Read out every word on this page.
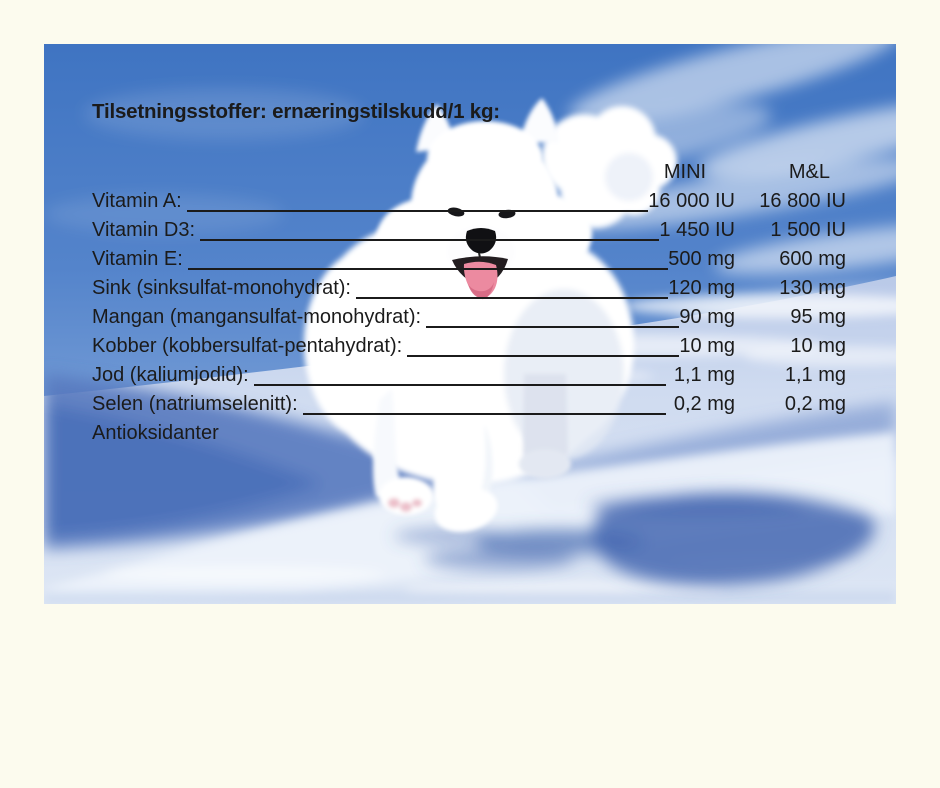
Tilsetningsstoffer: ernæringstilskudd/1 kg:
MINI	M&L
Vitamin A:	16 000 IU	16 800 IU
Vitamin D3:	1 450 IU	1 500 IU
Vitamin E:	500 mg	600 mg
Sink (sinksulfat-monohydrat):	120 mg	130 mg
Mangan (mangansulfat-monohydrat):	90 mg	95 mg
Kobber (kobbersulfat-pentahydrat):	10 mg	10 mg
Jod (kaliumjodid):	1,1 mg	1,1 mg
Selen (natriumselenitt):	0,2 mg	0,2 mg
Antioksidanter
